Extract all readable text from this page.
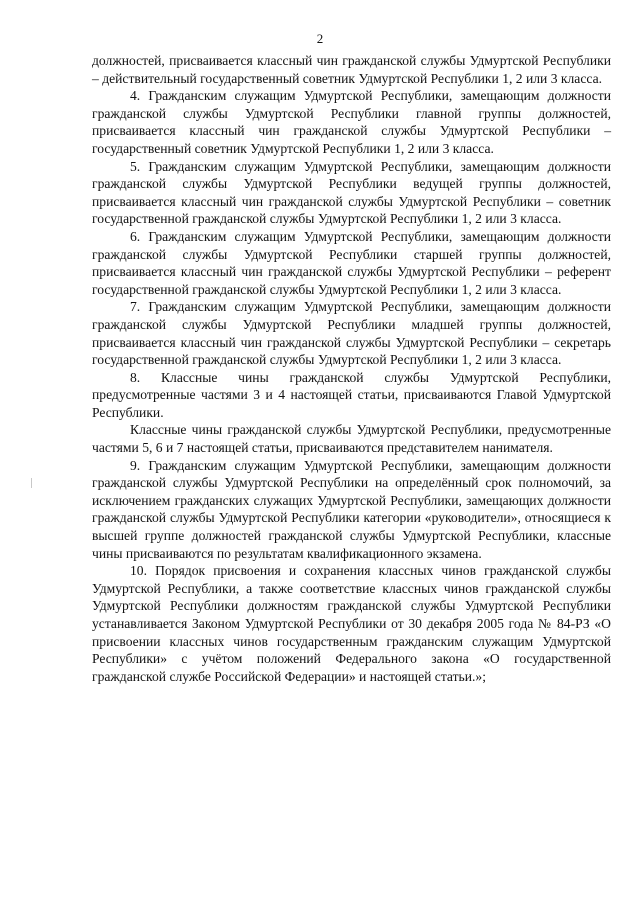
2

должностей, присваивается классный чин гражданской службы Удмуртской Республики – действительный государственный советник Удмуртской Республики 1, 2 или 3 класса.

4. Гражданским служащим Удмуртской Республики, замещающим должности гражданской службы Удмуртской Республики главной группы должностей, присваивается классный чин гражданской службы Удмуртской Республики – государственный советник Удмуртской Республики 1, 2 или 3 класса.

5. Гражданским служащим Удмуртской Республики, замещающим должности гражданской службы Удмуртской Республики ведущей группы должностей, присваивается классный чин гражданской службы Удмуртской Республики – советник государственной гражданской службы Удмуртской Республики 1, 2 или 3 класса.

6. Гражданским служащим Удмуртской Республики, замещающим должности гражданской службы Удмуртской Республики старшей группы должностей, присваивается классный чин гражданской службы Удмуртской Республики – референт государственной гражданской службы Удмуртской Республики 1, 2 или 3 класса.

7. Гражданским служащим Удмуртской Республики, замещающим должности гражданской службы Удмуртской Республики младшей группы должностей, присваивается классный чин гражданской службы Удмуртской Республики – секретарь государственной гражданской службы Удмуртской Республики 1, 2 или 3 класса.

8. Классные чины гражданской службы Удмуртской Республики, предусмотренные частями 3 и 4 настоящей статьи, присваиваются Главой Удмуртской Республики.

Классные чины гражданской службы Удмуртской Республики, предусмотренные частями 5, 6 и 7 настоящей статьи, присваиваются представителем нанимателя.

9. Гражданским служащим Удмуртской Республики, замещающим должности гражданской службы Удмуртской Республики на определённый срок полномочий, за исключением гражданских служащих Удмуртской Республики, замещающих должности гражданской службы Удмуртской Республики категории «руководители», относящиеся к высшей группе должностей гражданской службы Удмуртской Республики, классные чины присваиваются по результатам квалификационного экзамена.

10. Порядок присвоения и сохранения классных чинов гражданской службы Удмуртской Республики, а также соответствие классных чинов гражданской службы Удмуртской Республики должностям гражданской службы Удмуртской Республики устанавливается Законом Удмуртской Республики от 30 декабря 2005 года № 84-РЗ «О присвоении классных чинов государственным гражданским служащим Удмуртской Республики» с учётом положений Федерального закона «О государственной гражданской службе Российской Федерации» и настоящей статьи.»;
